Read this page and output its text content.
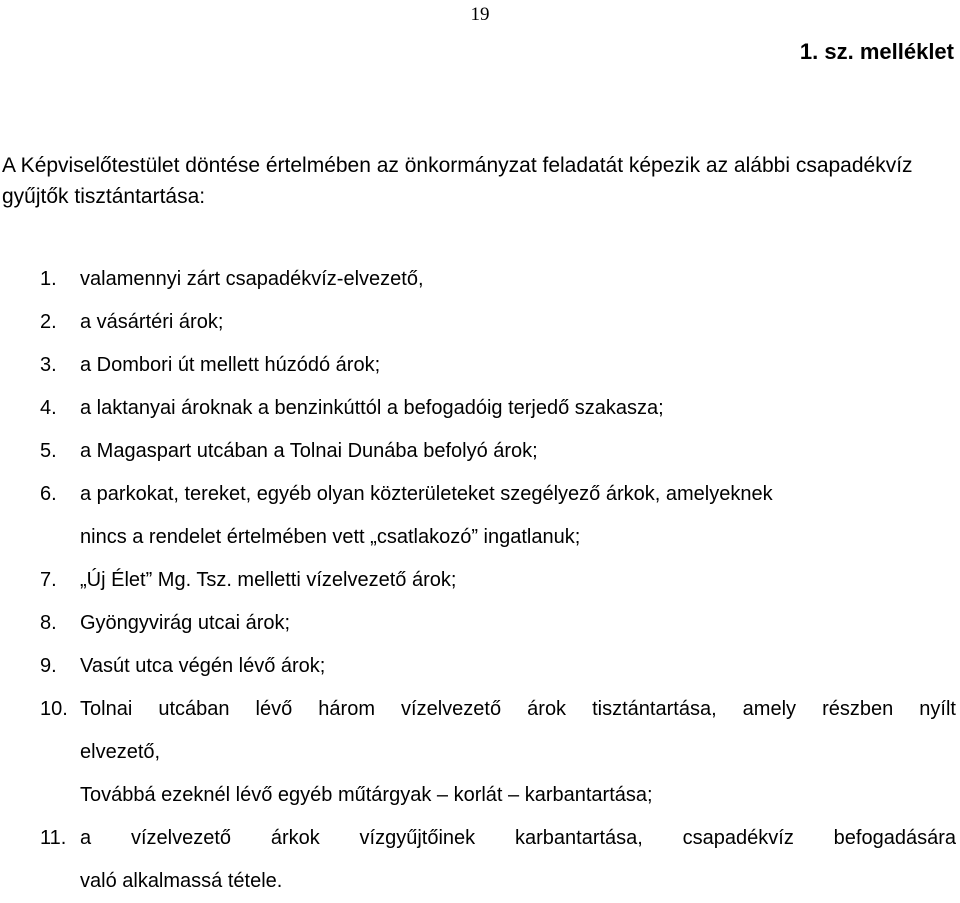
19
1. sz. melléklet

A Képviselőtestület döntése értelmében az önkormányzat feladatát képezik az alábbi csapadékvíz gyűjtők tisztántartása:

1.	valamennyi zárt csapadékvíz-elvezető,
2.	a vásártéri árok;
3.	a Dombori út mellett húzódó árok;
4.	a laktanyai ároknak a benzinkúttól a befogadóig terjedő szakasza;
5.	a Magaspart utcában a Tolnai Dunába befolyó árok;
6.	a parkokat, tereket, egyéb olyan közterületeket szegélyező árkok, amelyeknek
nincs a rendelet értelmében vett „csatlakozó” ingatlanuk;
7.	„Új Élet” Mg. Tsz. melletti vízelvezető árok;
8.	Gyöngyvirág utcai árok;
9.	Vasút utca végén lévő árok;
10. Tolnai utcában lévő három vízelvezető árok tisztántartása, amely részben nyílt
elvezető,
Továbbá ezeknél lévő egyéb műtárgyak – korlát – karbantartása;
11. a vízelvezető árkok vízgyűjtőinek karbantartása, csapadékvíz befogadására
való alkalmassá tétele.
